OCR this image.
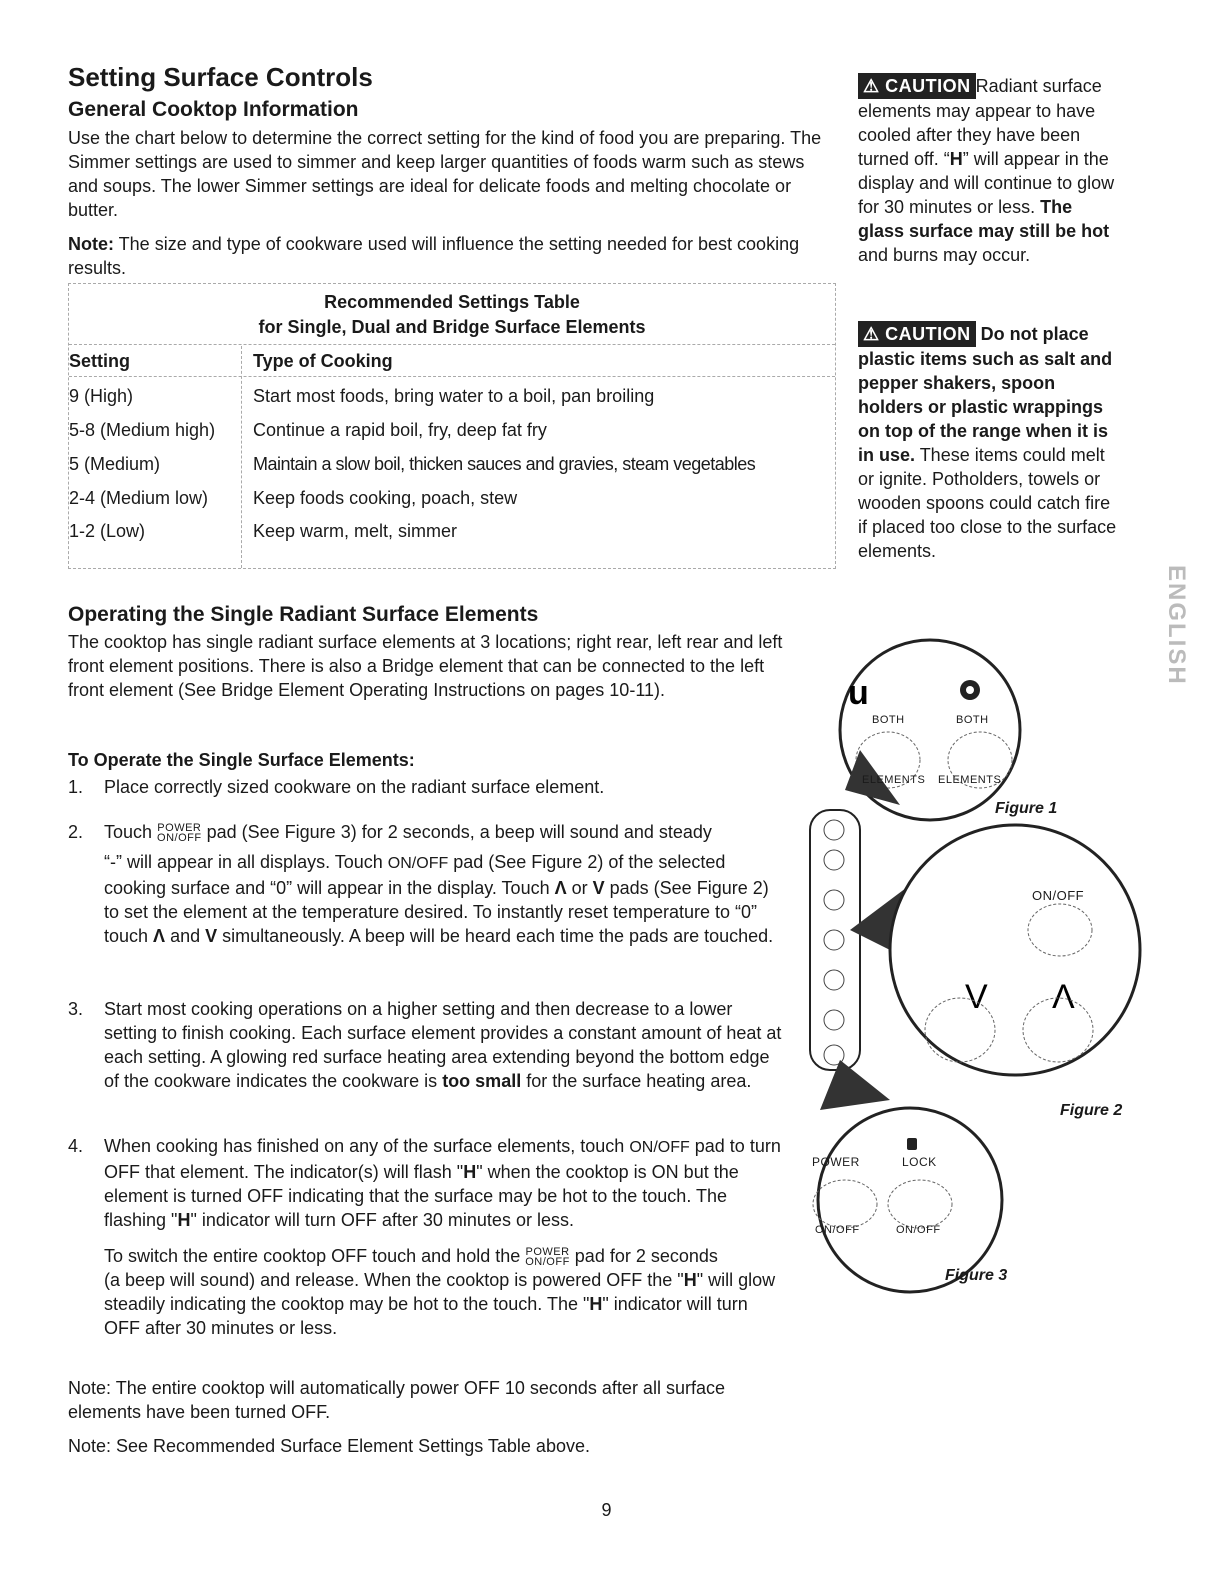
Setting Surface Controls
General Cooktop Information

Use the chart below to determine the correct setting for the kind of food you are preparing. The Simmer settings are used to simmer and keep larger quantities of foods warm such as stews and soups. The lower Simmer settings are ideal for delicate foods and melting chocolate or butter.

Note: The size and type of cookware used will influence the setting needed for best cooking results.

Recommended Settings Table
for Single, Dual and Bridge Surface Elements
Setting	Type of Cooking
9 (High)	Start most foods, bring water to a boil, pan broiling
5-8 (Medium high) Continue a rapid boil, fry, deep fat fry
5 (Medium)	Maintain a slow boil, thicken sauces and gravies, steam vegetables
2-4 (Medium low) Keep foods cooking, poach, stew
1-2 (Low)	Keep warm, melt, simmer

⚠ CAUTION Radiant surface elements may appear to have cooled after they have been turned off. “H” will appear in the display and will continue to glow for 30 minutes or less. The glass surface may still be hot and burns may occur.

⚠ CAUTION Do not place plastic items such as salt and pepper shakers, spoon holders or plastic wrappings on top of the range when it is in use. These items could melt or ignite. Potholders, towels or wooden spoons could catch fire if placed too close to the surface elements.

ENGLISH
Operating the Single Radiant Surface Elements

The cooktop has single radiant surface elements at 3 locations; right rear, left rear and left front element positions. There is also a Bridge element that can be connected to the left front element (See Bridge Element Operating Instructions on pages 10-11).

To Operate the Single Surface Elements:
1. Place correctly sized cookware on the radiant surface element.
2. Touch POWER
ON/OFF pad (See Figure 3) for 2 seconds, a beep will sound and steady
“-” will appear in all displays. Touch ON/OFF pad (See Figure 2) of the selected cooking surface and “0” will appear in the display. Touch Λ or V pads (See Figure 2) to set the element at the temperature desired. To instantly reset temperature to “0” touch Λ and V simultaneously. A beep will be heard each time the pads are touched.
3. Start most cooking operations on a higher setting and then decrease to a lower setting to finish cooking. Each surface element provides a constant amount of heat at each setting. A glowing red surface heating area extending beyond the bottom edge of the cookware indicates the cookware is too small for the surface heating area.
4. When cooking has finished on any of the surface elements, touch ON/OFF pad to turn OFF that element. The indicator(s) will flash "H" when the cooktop is ON but the element is turned OFF indicating that the surface may be hot to the touch. The flashing "H" indicator will turn OFF after 30 minutes or less.
To switch the entire cooktop OFF touch and hold the POWER
ON/OFF pad for 2 seconds
(a beep will sound) and release. When the cooktop is powered OFF the "H" will glow steadily indicating the cooktop may be hot to the touch. The "H" indicator will turn OFF after 30 minutes or less.

Note: The entire cooktop will automatically power OFF 10 seconds after all surface elements have been turned OFF.

Note: See Recommended Surface Element Settings Table above.

u
V Λ
BOTH	BOTH
ELEMENTS ELEMENTS
Figure 1
ON/OFF
Figure 2
POWER	LOCK
ON/OFF	ON/OFF
Figure 3
9
